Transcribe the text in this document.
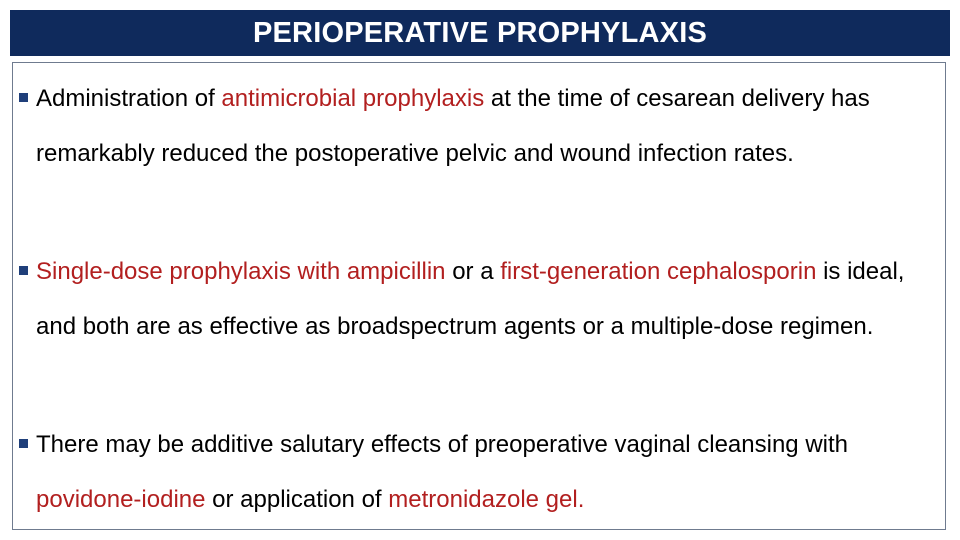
PERIOPERATIVE PROPHYLAXIS
Administration of antimicrobial prophylaxis at the time of cesarean delivery has remarkably reduced the postoperative pelvic and wound infection rates.
Single-dose prophylaxis with ampicillin or a first-generation cephalosporin is ideal, and both are as effective as broadspectrum agents or a multiple-dose regimen.
There may be additive salutary effects of preoperative vaginal cleansing with povidone-iodine or application of metronidazole gel.
